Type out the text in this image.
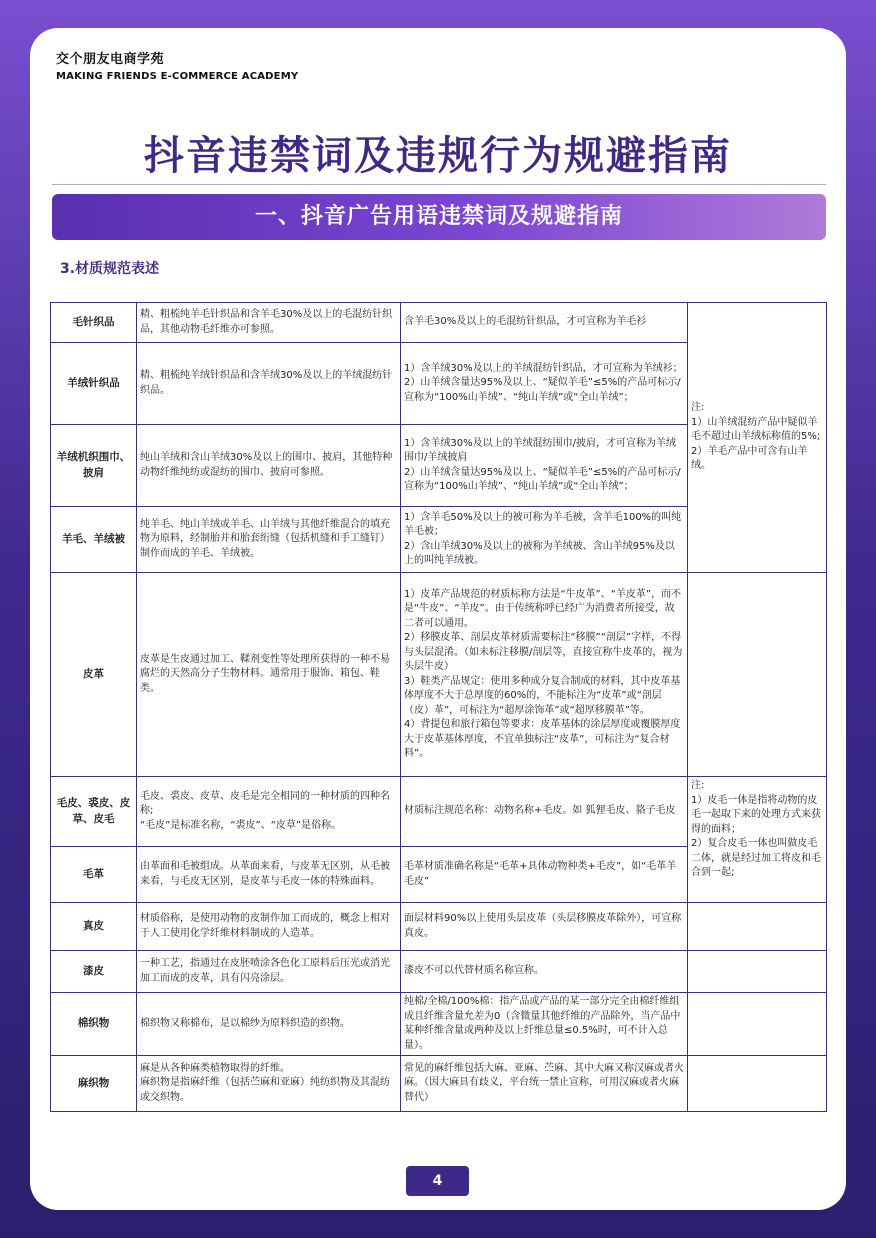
交个朋友电商学苑
MAKING FRIENDS E-COMMERCE ACADEMY
抖音违禁词及违规行为规避指南
一、抖音广告用语违禁词及规避指南
3.材质规范表述
毛针织品	精、粗梳纯羊毛针织品和含羊毛30%及以上的毛混纺针织品，其他动物毛纤维亦可参照。	含羊毛30%及以上的毛混纺针织品，才可宣称为羊毛衫	注:
1）山羊绒混纺产品中疑似羊毛不超过山羊绒标称值的5%;
2）羊毛产品中可含有山羊绒。
羊绒针织品	精、粗梳纯羊绒针织品和含羊绒30%及以上的羊绒混纺针织品。	1）含羊绒30%及以上的羊绒混纺针织品，才可宣称为羊绒衫；
2）山羊绒含量达95%及以上、“疑似羊毛”≤5%的产品可标示/宣称为“100%山羊绒”、“纯山羊绒”或“全山羊绒”；	
羊绒机织围巾、披肩	纯山羊绒和含山羊绒30%及以上的围巾、披肩，其他特种动物纤维纯纺或混纺的围巾、披肩可参照。	1）含羊绒30%及以上的羊绒混纺围巾/披肩，才可宣称为羊绒围巾/羊绒披肩
2）山羊绒含量达95%及以上、“疑似羊毛”≤5%的产品可标示/宣称为“100%山羊绒”、“纯山羊绒”或“全山羊绒”；	
羊毛、羊绒被	纯羊毛、纯山羊绒或羊毛、山羊绒与其他纤维混合的填充物为原料，经制胎并和胎套绗缝（包括机缝和手工缝钉）制作而成的羊毛、羊绒被。	1）含羊毛50%及以上的被可称为羊毛被，含羊毛100%的叫纯羊毛被；
2）含山羊绒30%及以上的被称为羊绒被、含山羊绒95%及以上的叫纯羊绒被。	
皮革	皮革是生皮通过加工、鞣剂变性等处理所获得的一种不易腐烂的天然高分子生物材料。通常用于服饰、箱包、鞋类。	1）皮革产品规范的材质标称方法是“牛皮革”、“羊皮革”，而不是“牛皮”、“羊皮”。由于传统称呼已经广为消费者所接受，故二者可以通用。
2）移膜皮革、剖层皮革材质需要标注“移膜”“剖层”字样，不得与头层混淆。（如未标注移膜/剖层等，直接宣称牛皮革的，视为头层牛皮）
3）鞋类产品规定：使用多种成分复合制成的材料，其中皮革基体厚度不大于总厚度的60%的，不能标注为“皮革”或“剖层（皮）革”，可标注为“超厚涂饰革”或“超厚移膜革”等。
4）背提包和旅行箱包等要求：皮革基体的涂层厚度或覆膜厚度大于皮革基体厚度，不宜单独标注“皮革”，可标注为“复合材料”。	
毛皮、裘皮、皮草、皮毛	毛皮、裘皮、皮草、皮毛是完全相同的一种材质的四种名称;
“毛皮”是标准名称，“裘皮”、“皮草”是俗称。	材质标注规范名称：动物名称+毛皮。如 狐狸毛皮、貉子毛皮	注:
1）皮毛一体是指将动物的皮毛一起取下来的处理方式来获得的面料；
2）复合皮毛一体也叫做皮毛二体，就是经过加工将皮和毛合到一起;
毛革	由革面和毛被组成。从革面来看，与皮革无区别，从毛被来看，与毛皮无区别，是皮革与毛皮一体的特殊面料。	毛革材质准确名称是“毛革+具体动物种类+毛皮”，如“毛革羊毛皮”	
真皮	材质俗称，是使用动物的皮制作加工而成的，概念上相对于人工使用化学纤维材料制成的人造革。	面层材料90%以上使用头层皮革（头层移膜皮革除外），可宣称真皮。	
漆皮	一种工艺，指通过在皮胚喷涂各色化工原料后压光或消光加工而成的皮革，具有闪亮涂层。	漆皮不可以代替材质名称宣称。	
棉织物	棉织物又称棉布，是以棉纱为原料织造的织物。	纯棉/全棉/100%棉：指产品或产品的某一部分完全由棉纤维组成且纤维含量允差为0（含微量其他纤维的产品除外，当产品中某种纤维含量或两种及以上纤维总量≤0.5%时，可不计入总量）。	
麻织物	麻是从各种麻类植物取得的纤维。
麻织物是指麻纤维（包括苎麻和亚麻）纯纺织物及其混纺或交织物。	常见的麻纤维包括大麻、亚麻、苎麻、其中大麻又称汉麻或者火麻。（因大麻具有歧义，平台统一禁止宣称，可用汉麻或者火麻替代）	
4
